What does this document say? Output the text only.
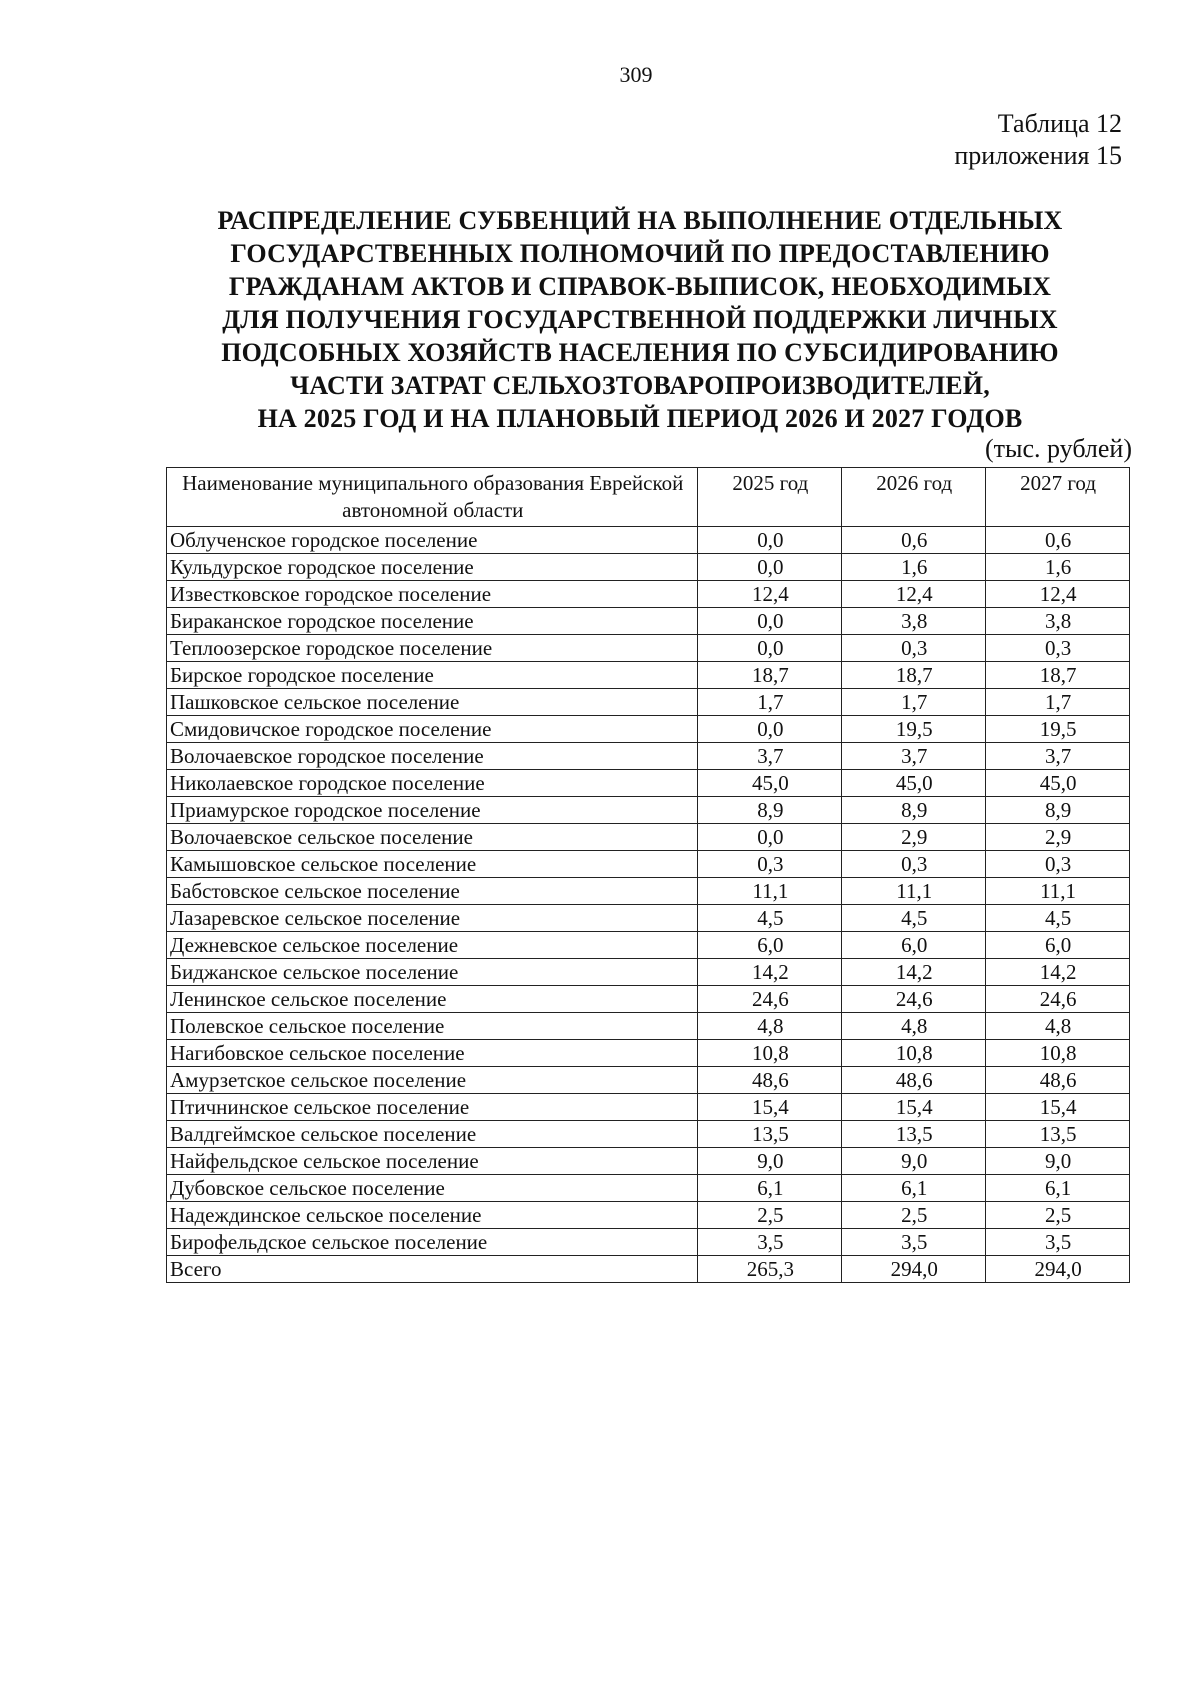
309
Таблица 12
приложения 15
РАСПРЕДЕЛЕНИЕ СУБВЕНЦИЙ НА ВЫПОЛНЕНИЕ ОТДЕЛЬНЫХ
ГОСУДАРСТВЕННЫХ ПОЛНОМОЧИЙ ПО ПРЕДОСТАВЛЕНИЮ
ГРАЖДАНАМ АКТОВ И СПРАВОК-ВЫПИСОК, НЕОБХОДИМЫХ
ДЛЯ ПОЛУЧЕНИЯ ГОСУДАРСТВЕННОЙ ПОДДЕРЖКИ ЛИЧНЫХ
ПОДСОБНЫХ ХОЗЯЙСТВ НАСЕЛЕНИЯ ПО СУБСИДИРОВАНИЮ
ЧАСТИ ЗАТРАТ СЕЛЬХОЗТОВАРОПРОИЗВОДИТЕЛЕЙ,
НА 2025 ГОД И НА ПЛАНОВЫЙ ПЕРИОД 2026 И 2027 ГОДОВ
(тыс. рублей)
Наименование муниципального образования Еврейской автономной области	2025 год	2026 год	2027 год
Облученское городское поселение	0,0	0,6	0,6
Кульдурское городское поселение	0,0	1,6	1,6
Известковское городское поселение	12,4	12,4	12,4
Бираканское городское поселение	0,0	3,8	3,8
Теплоозерское городское поселение	0,0	0,3	0,3
Бирское городское поселение	18,7	18,7	18,7
Пашковское сельское поселение	1,7	1,7	1,7
Смидовичское городское поселение	0,0	19,5	19,5
Волочаевское городское поселение	3,7	3,7	3,7
Николаевское городское поселение	45,0	45,0	45,0
Приамурское городское поселение	8,9	8,9	8,9
Волочаевское сельское поселение	0,0	2,9	2,9
Камышовское сельское поселение	0,3	0,3	0,3
Бабстовское сельское поселение	11,1	11,1	11,1
Лазаревское сельское поселение	4,5	4,5	4,5
Дежневское сельское поселение	6,0	6,0	6,0
Биджанское сельское поселение	14,2	14,2	14,2
Ленинское сельское поселение	24,6	24,6	24,6
Полевское сельское поселение	4,8	4,8	4,8
Нагибовское сельское поселение	10,8	10,8	10,8
Амурзетское сельское поселение	48,6	48,6	48,6
Птичнинское сельское поселение	15,4	15,4	15,4
Валдгеймское сельское поселение	13,5	13,5	13,5
Найфельдское сельское поселение	9,0	9,0	9,0
Дубовское сельское поселение	6,1	6,1	6,1
Надеждинское сельское поселение	2,5	2,5	2,5
Бирофельдское сельское поселение	3,5	3,5	3,5
Всего	265,3	294,0	294,0
